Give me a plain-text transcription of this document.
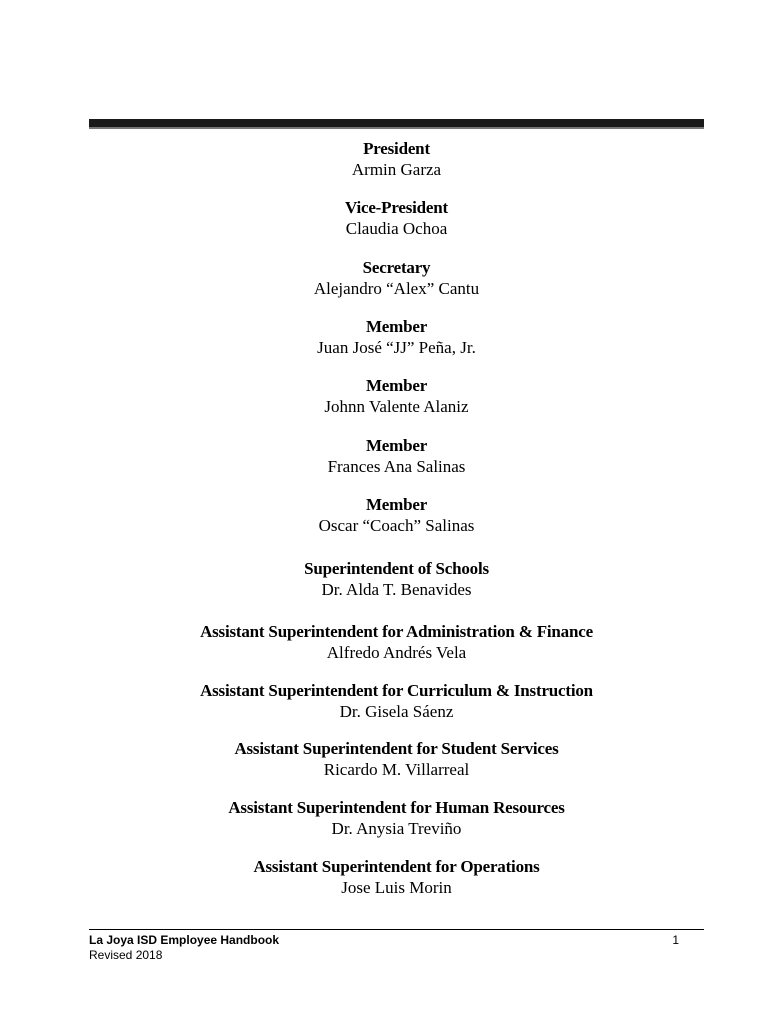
President
Armin Garza
Vice-President
Claudia Ochoa
Secretary
Alejandro “Alex” Cantu
Member
Juan José “JJ” Peña, Jr.
Member
Johnn Valente Alaniz
Member
Frances Ana Salinas
Member
Oscar “Coach” Salinas
Superintendent of Schools
Dr. Alda T. Benavides
Assistant Superintendent for Administration & Finance
Alfredo Andrés Vela
Assistant Superintendent for Curriculum & Instruction
Dr. Gisela Sáenz
Assistant Superintendent for Student Services
Ricardo M. Villarreal
Assistant Superintendent for Human Resources
Dr. Anysia Treviño
Assistant Superintendent for Operations
Jose Luis Morin
La Joya ISD Employee Handbook
Revised 2018
1
